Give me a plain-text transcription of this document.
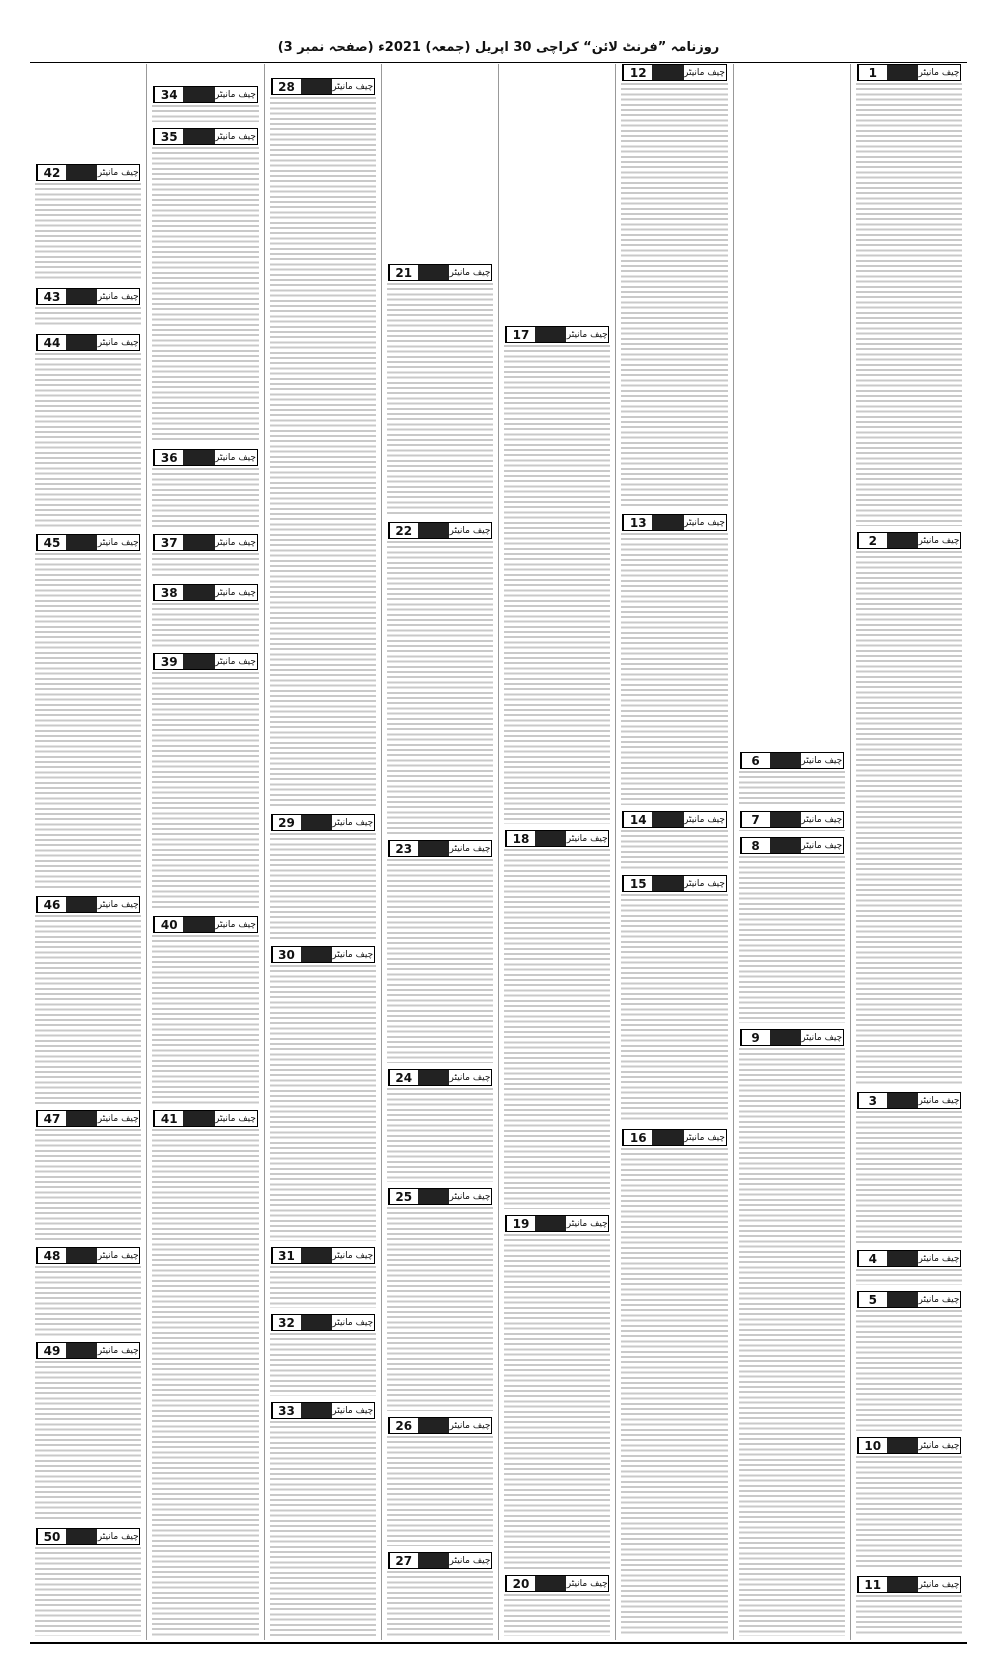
روزنامہ ”فرنٹ لائن“ کراچی 30 اپریل (جمعہ) 2021ء (صفحہ نمبر 3)
چیف مانیٹر
1
چیف مانیٹر
2
چیف مانیٹر
3
چیف مانیٹر
4
چیف مانیٹر
5
چیف مانیٹر
10
چیف مانیٹر
11
چیف مانیٹر
6
چیف مانیٹر
7
چیف مانیٹر
8
چیف مانیٹر
9
چیف مانیٹر
12
چیف مانیٹر
13
چیف مانیٹر
14
چیف مانیٹر
15
چیف مانیٹر
16
چیف مانیٹر
17
چیف مانیٹر
18
چیف مانیٹر
19
چیف مانیٹر
20
چیف مانیٹر
21
چیف مانیٹر
22
چیف مانیٹر
23
چیف مانیٹر
24
چیف مانیٹر
25
چیف مانیٹر
26
چیف مانیٹر
27
چیف مانیٹر
28
چیف مانیٹر
29
چیف مانیٹر
30
چیف مانیٹر
31
چیف مانیٹر
32
چیف مانیٹر
33
چیف مانیٹر
34
چیف مانیٹر
35
چیف مانیٹر
36
چیف مانیٹر
37
چیف مانیٹر
38
چیف مانیٹر
39
چیف مانیٹر
40
چیف مانیٹر
41
چیف مانیٹر
42
چیف مانیٹر
43
چیف مانیٹر
44
چیف مانیٹر
45
چیف مانیٹر
46
چیف مانیٹر
47
چیف مانیٹر
48
چیف مانیٹر
49
چیف مانیٹر
50
